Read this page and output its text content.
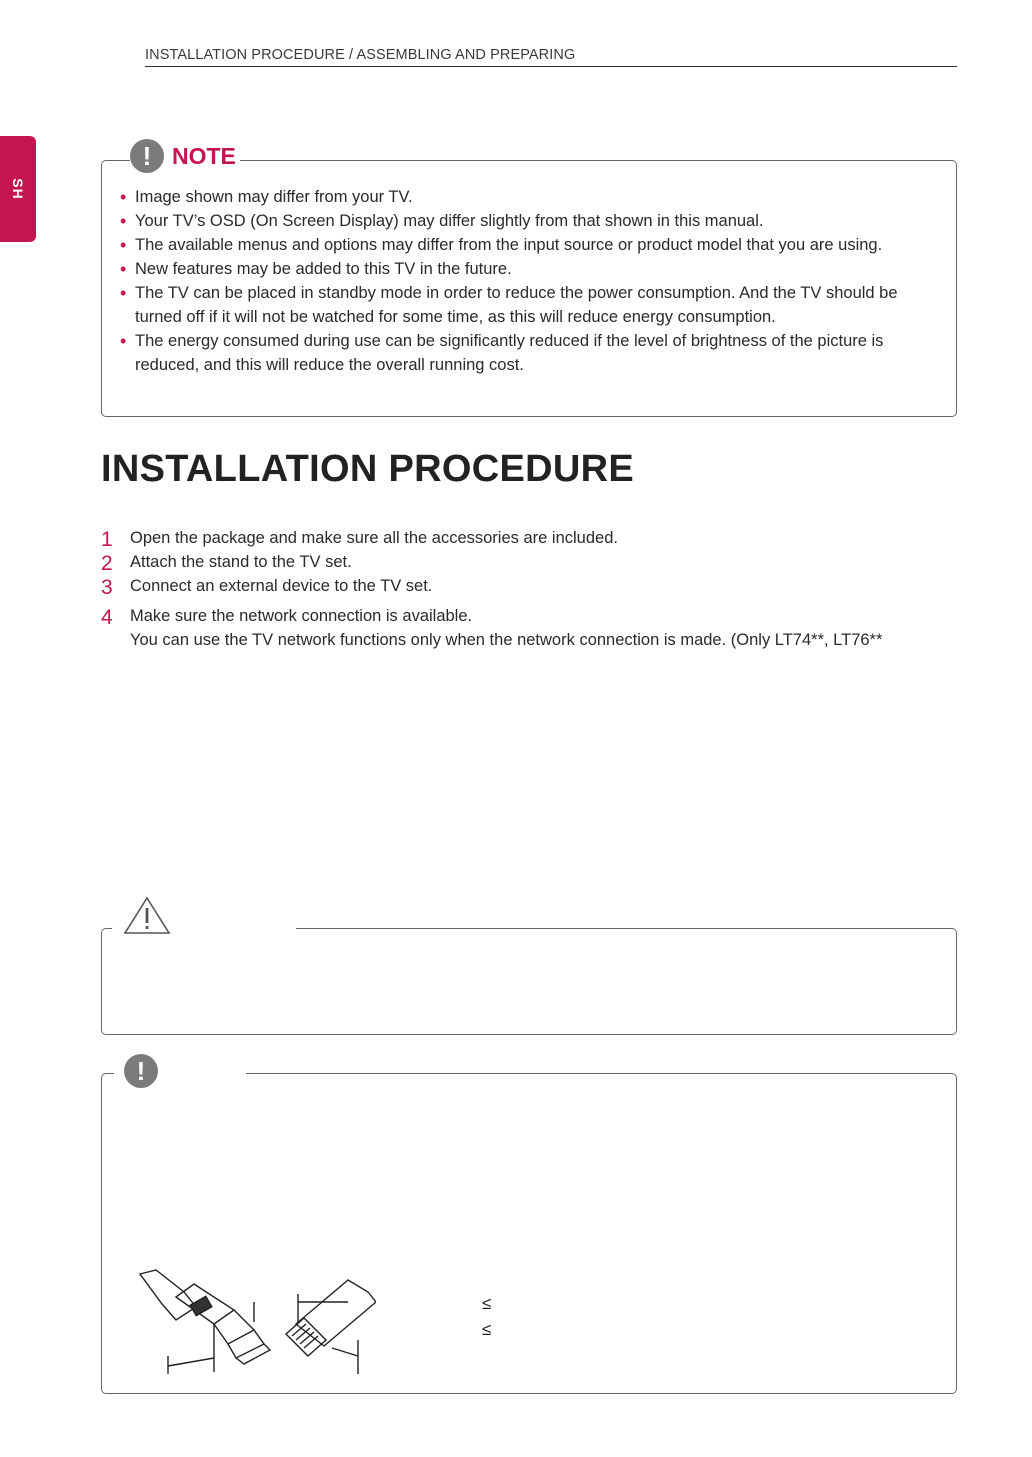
INSTALLATION PROCEDURE / ASSEMBLING AND PREPARING
SH
! NOTE
• Image shown may differ from your TV.
• Your TV’s OSD (On Screen Display) may differ slightly from that shown in this manual.
• The available menus and options may differ from the input source or product model that you are using.
• New features may be added to this TV in the future.
• The TV can be placed in standby mode in order to reduce the power consumption. And the TV should be turned off if it will not be watched for some time, as this will reduce energy consumption.
• The energy consumed during use can be significantly reduced if the level of brightness of the picture is reduced, and this will reduce the overall running cost.
INSTALLATION PROCEDURE
1 Open the package and make sure all the accessories are included.
2 Attach the stand to the TV set.
3 Connect an external device to the TV set.
4 Make sure the network connection is available.
You can use the TV network functions only when the network connection is made. (Only LT74**, LT76**
!
≤
≤
